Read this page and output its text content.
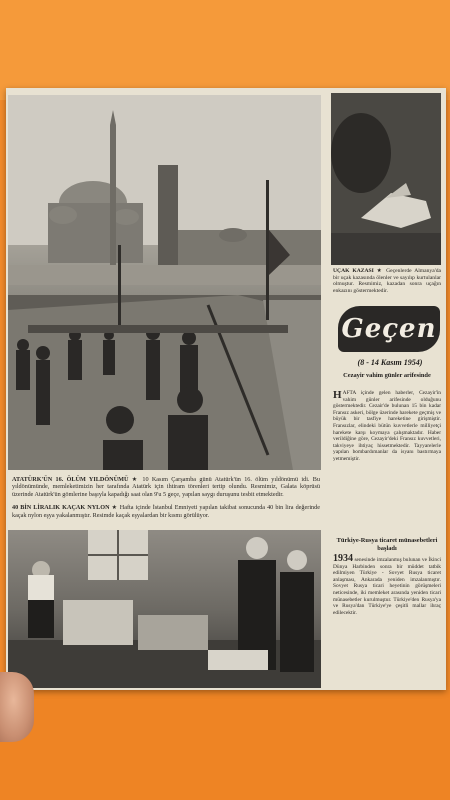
ATATÜRK'ÜN 16. ÖLÜM YILDÖNÜMÜ ★ 10 Kasım Çarşamba günü Atatürk'ün 16. ölüm yıldönümü idi. Bu yıldönümünde, memleketimizin her tarafında Atatürk için ihtiram törenleri tertip olundu. Resmimiz, Galata köprüsü üzerinde Atatürk'ün gömlerine başıyla kapadığı saat olan 9'u 5 geçe, yapılan saygı duruşunu tesbit etmektedir.

40 BİN LİRALIK KAÇAK NYLON ★ Hafta içinde İstanbul Emniyeti yapılan takibat sonucunda 40 bin lira değerinde kaçak nylon eşya yakalanmıştır. Resimde kaçak eşyalardan bir kısmı görülüyor.

UÇAK KAZASI ★ Geçenlerde Almanya'da bir uçak kazasında ölenler ve sayılıp kurtulanlar olmuştur. Resmimiz, kazadan sonra uçağın enkazını göstermektedir.
Geçen
(8 - 14 Kasım 1954)
Cezayir vahim günler arifesinde
HAFTA içinde gelen haberler, Cezayir'in vahim günler arifesinde olduğunu göstermektedir. Cezair'de bulunan 15 bin kadar Fransız askeri, bölge üzerinde harekete geçmiş ve büyük bir tasfiye hareketine girişmiştir. Fransızlar, elindeki bütün kuvvetlerle milliyetçi harekete karşı koymaya çalışmaktadır. Haber verildiğine göre, Cezayir'deki Fransız kuvvetleri, takviyeye ihtiyaç hissetmektedir. Tayyarelerle yapılan bombardımanlar da isyanı bastırmaya yetmemiştir.
Türkiye-Rusya ticaret münasebetleri başladı
1934 senesinde imzalanmış bulunan ve İkinci Dünya Harbinden sonra bir müddet tatbik edilmiyen Türkiye - Sovyet Rusya ticaret anlaşması, Ankarada yeniden imzalanmıştır. Sovyet Rusya ticari heyetinin görüşmeleri neticesinde, iki memleket arasında yeniden ticari münasebetler kurulmuştur. Türkiye'den Rusya'ya ve Rusya'dan Türkiye'ye çeşitli mallar ihraç edilecektir.
